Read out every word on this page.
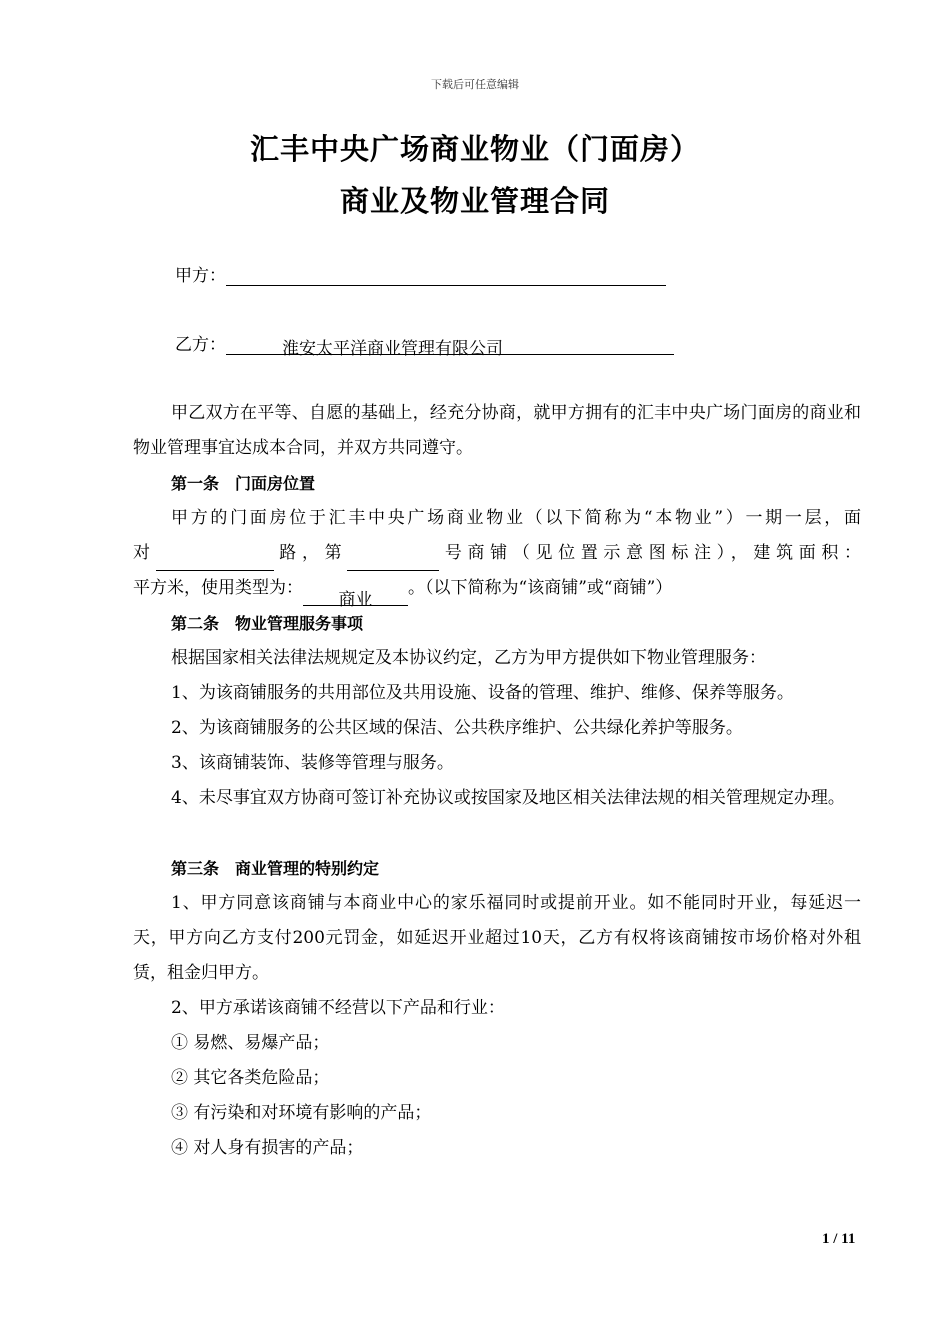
下载后可任意编辑
汇丰中央广场商业物业（门面房）
商业及物业管理合同
甲方：
乙方：	淮安太平洋商业管理有限公司

甲乙双方在平等、自愿的基础上，经充分协商，就甲方拥有的汇丰中央广场门面房的商业和物业管理事宜达成本合同，并双方共同遵守。

第一条　门面房位置

甲方的门面房位于汇丰中央广场商业物业（以下简称为“本物业”）一期一层，面

对	路，第	号商铺（见位置示意图标注），建筑面积：

平方米，使用类型为：商业。（以下简称为“该商铺”或“商铺”）

第二条　物业管理服务事项

根据国家相关法律法规规定及本协议约定，乙方为甲方提供如下物业管理服务：

1、为该商铺服务的共用部位及共用设施、设备的管理、维护、维修、保养等服务。

2、为该商铺服务的公共区域的保洁、公共秩序维护、公共绿化养护等服务。

3、该商铺装饰、装修等管理与服务。

4、未尽事宜双方协商可签订补充协议或按国家及地区相关法律法规的相关管理规定办理。

第三条　商业管理的特别约定

1、甲方同意该商铺与本商业中心的家乐福同时或提前开业。如不能同时开业，每延迟一天，甲方向乙方支付200元罚金，如延迟开业超过10天，乙方有权将该商铺按市场价格对外租赁，租金归甲方。

2、甲方承诺该商铺不经营以下产品和行业：

① 易燃、易爆产品；

② 其它各类危险品；

③ 有污染和对环境有影响的产品；

④ 对人身有损害的产品；

1 / 11
